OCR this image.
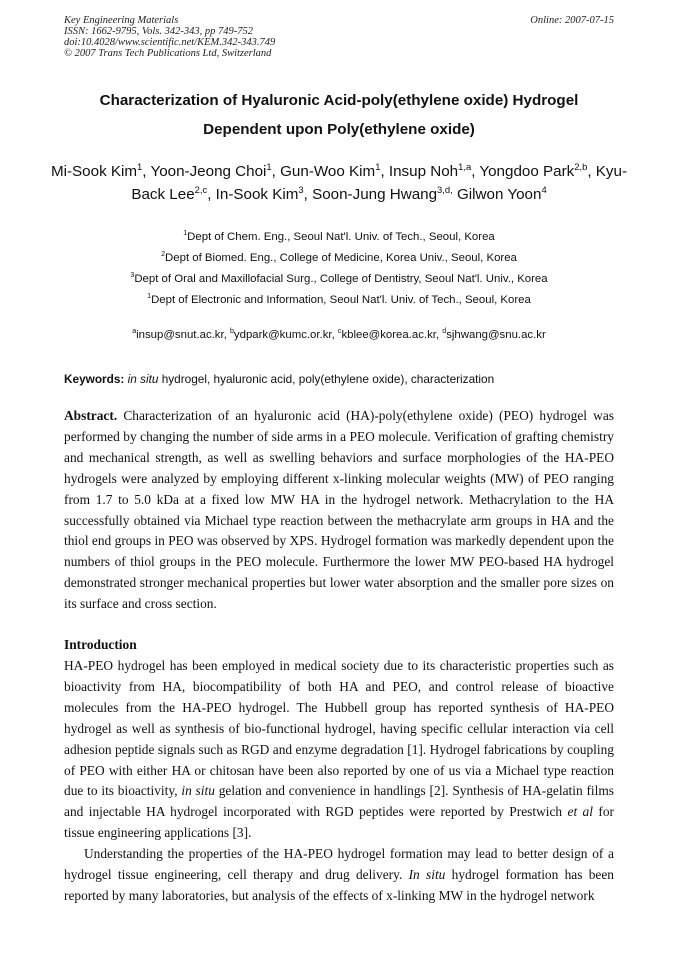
Key Engineering Materials
ISSN: 1662-9795, Vols. 342-343, pp 749-752
doi:10.4028/www.scientific.net/KEM.342-343.749
© 2007 Trans Tech Publications Ltd, Switzerland
Online: 2007-07-15
Characterization of Hyaluronic Acid-poly(ethylene oxide) Hydrogel
Dependent upon Poly(ethylene oxide)
Mi-Sook Kim$^1$, Yoon-Jeong Choi$^1$, Gun-Woo Kim$^1$, Insup Noh$^{1,a}$, Yongdoo Park$^{2,b}$, Kyu-Back Lee$^{2,c}$, In-Sook Kim$^3$, Soon-Jung Hwang$^{3,d,}$ Gilwon Yoon$^4$
$^1$Dept of Chem. Eng., Seoul Nat'l. Univ. of Tech., Seoul, Korea
$^2$Dept of Biomed. Eng., College of Medicine, Korea Univ., Seoul, Korea
$^3$Dept of Oral and Maxillofacial Surg., College of Dentistry, Seoul Nat'l. Univ., Korea
$^1$Dept of Electronic and Information, Seoul Nat'l. Univ. of Tech., Seoul, Korea
$^a$insup@snut.ac.kr, $^b$ydpark@kumc.or.kr, $^c$kblee@korea.ac.kr, $^d$sjhwang@snu.ac.kr
Keywords: in situ hydrogel, hyaluronic acid, poly(ethylene oxide), characterization
Abstract. Characterization of an hyaluronic acid (HA)-poly(ethylene oxide) (PEO) hydrogel was performed by changing the number of side arms in a PEO molecule. Verification of grafting chemistry and mechanical strength, as well as swelling behaviors and surface morphologies of the HA-PEO hydrogels were analyzed by employing different x-linking molecular weights (MW) of PEO ranging from 1.7 to 5.0 kDa at a fixed low MW HA in the hydrogel network. Methacrylation to the HA successfully obtained via Michael type reaction between the methacrylate arm groups in HA and the thiol end groups in PEO was observed by XPS. Hydrogel formation was markedly dependent upon the numbers of thiol groups in the PEO molecule. Furthermore the lower MW PEO-based HA hydrogel demonstrated stronger mechanical properties but lower water absorption and the smaller pore sizes on its surface and cross section.
Introduction

HA-PEO hydrogel has been employed in medical society due to its characteristic properties such as bioactivity from HA, biocompatibility of both HA and PEO, and control release of bioactive molecules from the HA-PEO hydrogel. The Hubbell group has reported synthesis of HA-PEO hydrogel as well as synthesis of bio-functional hydrogel, having specific cellular interaction via cell adhesion peptide signals such as RGD and enzyme degradation [1]. Hydrogel fabrications by coupling of PEO with either HA or chitosan have been also reported by one of us via a Michael type reaction due to its bioactivity, in situ gelation and convenience in handlings [2]. Synthesis of HA-gelatin films and injectable HA hydrogel incorporated with RGD peptides were reported by Prestwich et al for tissue engineering applications [3].

Understanding the properties of the HA-PEO hydrogel formation may lead to better design of a hydrogel tissue engineering, cell therapy and drug delivery. In situ hydrogel formation has been reported by many laboratories, but analysis of the effects of x-linking MW in the hydrogel network
